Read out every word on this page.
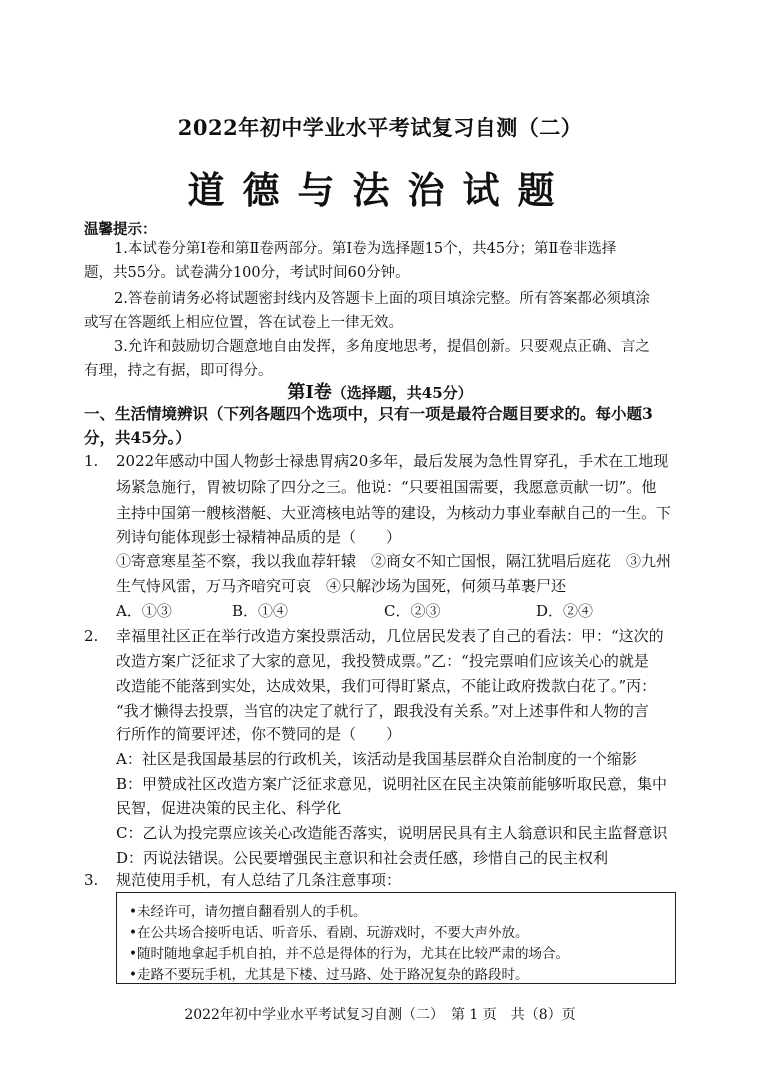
2022年初中学业水平考试复习自测（二）
道德与法治试题
温馨提示：
1.本试卷分第Ⅰ卷和第Ⅱ卷两部分。第Ⅰ卷为选择题15个，共45分；第Ⅱ卷非选择
题，共55分。试卷满分100分，考试时间60分钟。
2.答卷前请务必将试题密封线内及答题卡上面的项目填涂完整。所有答案都必须填涂
或写在答题纸上相应位置，答在试卷上一律无效。
3.允许和鼓励切合题意地自由发挥，多角度地思考，提倡创新。只要观点正确、言之
有理，持之有据，即可得分。
第Ⅰ卷（选择题，共45分）
一、生活情境辨识（下列各题四个选项中，只有一项是最符合题目要求的。每小题3
分，共45分。）
1. 2022年感动中国人物彭士禄患胃病20多年，最后发展为急性胃穿孔，手术在工地现
场紧急施行，胃被切除了四分之三。他说：“只要祖国需要，我愿意贡献一切”。他
主持中国第一艘核潜艇、大亚湾核电站等的建设，为核动力事业奉献自己的一生。下
列诗句能体现彭士禄精神品质的是（　　）
①寄意寒星荃不察，我以我血荐轩辕　②商女不知亡国恨，隔江犹唱后庭花　③九州
生气恃风雷，万马齐喑究可哀　④只解沙场为国死，何须马革裹尸还
A．①③	B．①④	C．②③	D．②④
2. 幸福里社区正在举行改造方案投票活动，几位居民发表了自己的看法：甲：“这次的
改造方案广泛征求了大家的意见，我投赞成票。”乙：“投完票咱们应该关心的就是
改造能不能落到实处，达成效果，我们可得盯紧点，不能让政府拨款白花了。”丙：
“我才懒得去投票，当官的决定了就行了，跟我没有关系。”对上述事件和人物的言
行所作的简要评述，你不赞同的是（　　）
A：社区是我国最基层的行政机关，该活动是我国基层群众自治制度的一个缩影
B：甲赞成社区改造方案广泛征求意见，说明社区在民主决策前能够听取民意，集中
民智，促进决策的民主化、科学化
C：乙认为投完票应该关心改造能否落实，说明居民具有主人翁意识和民主监督意识
D：丙说法错误。公民要增强民主意识和社会责任感，珍惜自己的民主权利
3. 规范使用手机，有人总结了几条注意事项：
•未经许可，请勿擅自翻看别人的手机。
•在公共场合接听电话、听音乐、看剧、玩游戏时，不要大声外放。
•随时随地拿起手机自拍，并不总是得体的行为，尤其在比较严肃的场合。
•走路不要玩手机，尤其是下楼、过马路、处于路况复杂的路段时。
2022年初中学业水平考试复习自测（二）　第 1 页　共（8）页
